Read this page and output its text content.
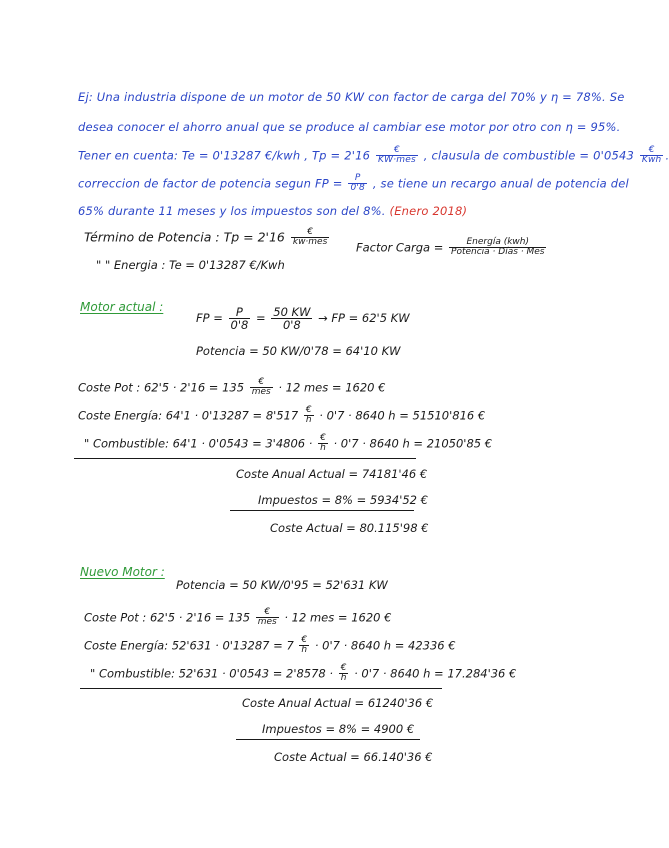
Ej: Una industria dispone de un motor de 50 KW con factor de carga del 70% y η = 78%. Se
desea conocer el ahorro anual que se produce al cambiar ese motor por otro con η = 95%.
Tener en cuenta: Te = 0'13287 €/kwh , $Tp = 2'16 \frac{€}{\text{KW·mes}}$ , clausula de combustible = $0'0543 \frac{€}{\text{Kwh}}$ .
correccion de factor de potencia segun FP = $\frac{P}{0'8}$ , se tiene un recargo anual de potencia del
65% durante 11 meses y los impuestos son del 8%. (Enero 2018)
Término de Potencia : $Tp = 2'16 \frac{€}{\text{kw·mes}}$
" " Energia : Te = 0'13287 €/Kwh
Factor Carga = $\frac{\text{Energía (kwh)}}{\text{Potencia · Días · Mes}}$
Motor actual :
FP = $\frac{P}{0'8} = \frac{50 KW}{0'8}$ → FP = 62'5 KW
Potencia = 50 KW/0'78 = 64'10 KW
Coste Pot : $62'5 \cdot 2'16 = 135 \frac{€}{\text{mes}} \cdot 12$ mes = 1620 €
Coste Energía: $64'1 \cdot 0'13287 = 8'517 \frac{€}{h} \cdot 0'7 \cdot 8640$ h = 51510'816 €
" Combustible: $64'1 \cdot 0'0543 = 3'4806 \cdot \frac{€}{h} \cdot 0'7 \cdot 8640$ h = 21050'85 €
Coste Anual Actual = 74181'46 €
Impuestos = 8% = 5934'52 €
Coste Actual = 80.115'98 €
Nuevo Motor :
Potencia = 50 KW/0'95 = 52'631 KW
Coste Pot : $62'5 \cdot 2'16 = 135 \frac{€}{\text{mes}} \cdot 12$ mes = 1620 €
Coste Energía: $52'631 \cdot 0'13287 = 7 \frac{€}{h} \cdot 0'7 \cdot 8640$ h = 42336 €
" Combustible: $52'631 \cdot 0'0543 = 2'8578 \cdot \frac{€}{h} \cdot 0'7 \cdot 8640$ h = 17.284'36 €
Coste Anual Actual = 61240'36 €
Impuestos = 8% = 4900 €
Coste Actual = 66.140'36 €
